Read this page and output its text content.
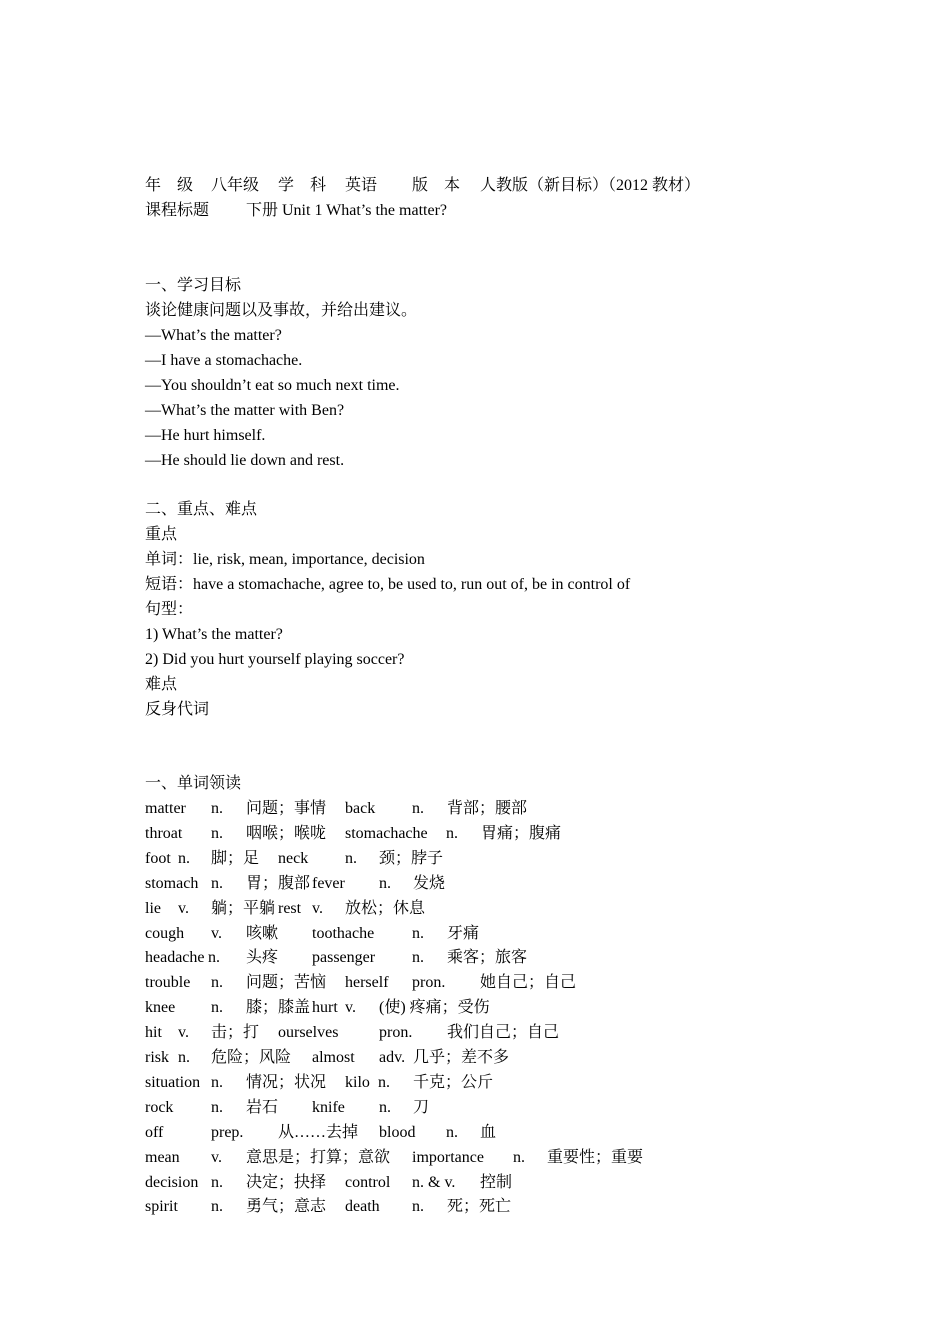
年　级 八年级 学　科 英语 版　本 人教版（新目标）（2012 教材）
课程标题 下册 Unit 1 What’s the matter?
一、学习目标
谈论健康问题以及事故，并给出建议。
—What’s the matter?
—I have a stomachache.
—You shouldn’t eat so much next time.
—What’s the matter with Ben?
—He hurt himself.
—He should lie down and rest.
二、重点、难点
重点
单词：lie, risk, mean, importance, decision
短语：have a stomachache, agree to, be used to, run out of, be in control of
句型：
1) What’s the matter?
2) Did you hurt yourself playing soccer?
难点
反身代词
一、单词领读
matter n. 问题；事情 back n. 背部；腰部
throat n. 咽喉；喉咙 stomachache n. 胃痛；腹痛
foot n. 脚；足 neck n. 颈；脖子
stomach n. 胃；腹部 fever n. 发烧
lie v. 躺；平躺 rest v. 放松；休息
cough v. 咳嗽 toothache n. 牙痛
headache n. 头疼 passenger n. 乘客；旅客
trouble n. 问题；苦恼 herself pron. 她自己；自己
knee n. 膝；膝盖 hurt v. (使) 疼痛；受伤
hit v. 击；打 ourselves	pron. 我们自己；自己
risk n. 危险；风险 almost adv. 几乎；差不多
situation n. 情况；状况 kilo n. 千克；公斤
rock n. 岩石 knife n. 刀
off	prep. 从……去掉 blood n. 血
mean v. 意思是；打算；意欲 importance n. 重要性；重要
decision n. 决定；抉择 control n. & v. 控制
spirit n. 勇气；意志 death n. 死；死亡
